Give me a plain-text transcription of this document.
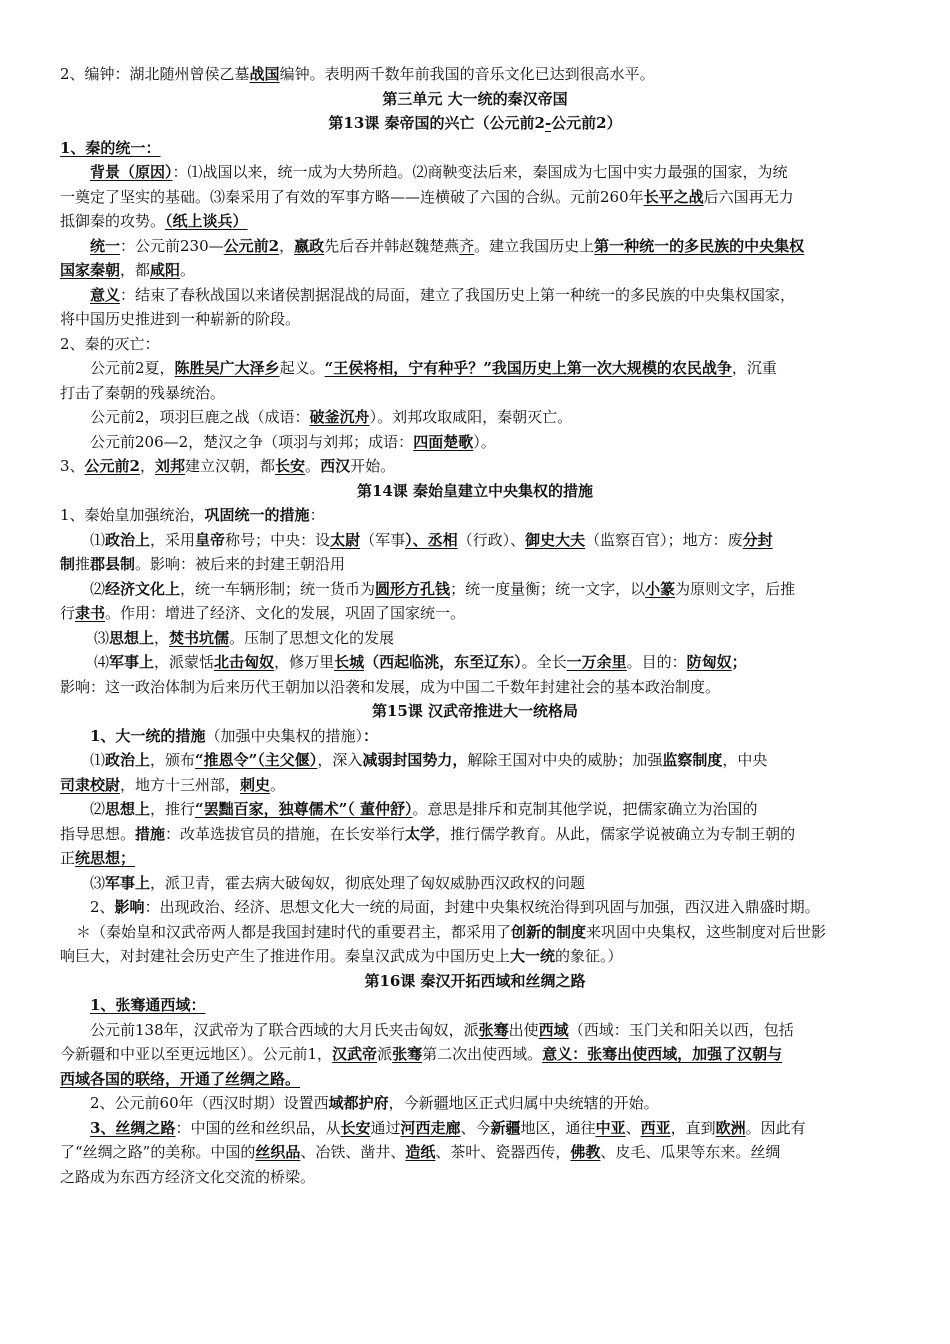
2、编钟：湖北随州曾侯乙墓战国编钟。表明两千数年前我国的音乐文化已达到很高水平。
第三单元 大一统的秦汉帝国
第13课 秦帝国的兴亡（公元前2-公元前2）
1、秦的统一：
背景（原因）：⑴战国以来，统一成为大势所趋。⑵商鞅变法后来，秦国成为七国中实力最强的国家，为统
一奠定了坚实的基础。⑶秦采用了有效的军事方略——连横破了六国的合纵。元前260年长平之战后六国再无力
抵御秦的攻势。（纸上谈兵）
统一：公元前230—公元前2，嬴政先后吞并韩赵魏楚燕齐。建立我国历史上第一种统一的多民族的中央集权
国家秦朝，都咸阳。
意义：结束了春秋战国以来诸侯割据混战的局面，建立了我国历史上第一种统一的多民族的中央集权国家，
将中国历史推进到一种崭新的阶段。
2、秦的灭亡：
公元前2夏，陈胜吴广大泽乡起义。“王侯将相，宁有种乎？”我国历史上第一次大规模的农民战争，沉重
打击了秦朝的残暴统治。
公元前2，项羽巨鹿之战（成语：破釜沉舟）。刘邦攻取咸阳，秦朝灭亡。
公元前206—2，楚汉之争（项羽与刘邦；成语：四面楚歌）。
3、公元前2，刘邦建立汉朝，都长安。西汉开始。
第14课 秦始皇建立中央集权的措施
1、秦始皇加强统治，巩固统一的措施：
⑴政治上，采用皇帝称号；中央：设太尉（军事）、丞相（行政）、御史大夫（监察百官）；地方：废分封
制推郡县制。影响：被后来的封建王朝沿用
⑵经济文化上，统一车辆形制；统一货币为圆形方孔钱；统一度量衡；统一文字，以小篆为原则文字，后推
行隶书。作用：增进了经济、文化的发展，巩固了国家统一。
⑶思想上，焚书坑儒。压制了思想文化的发展
⑷军事上，派蒙恬北击匈奴，修万里长城（西起临洮，东至辽东）。全长一万余里。目的：防匈奴；
影响：这一政治体制为后来历代王朝加以沿袭和发展，成为中国二千数年封建社会的基本政治制度。
第15课 汉武帝推进大一统格局
1、大一统的措施（加强中央集权的措施）：
⑴政治上，颁布“推恩令”（主父偃），深入减弱封国势力，解除王国对中央的威胁；加强监察制度，中央
司隶校尉，地方十三州部，刺史。
⑵思想上，推行“罢黜百家，独尊儒术”（ 董仲舒）。意思是排斥和克制其他学说，把儒家确立为治国的
指导思想。措施：改革选拔官员的措施，在长安举行太学，推行儒学教育。从此，儒家学说被确立为专制王朝的
正统思想；
⑶军事上，派卫青，霍去病大破匈奴，彻底处理了匈奴威胁西汉政权的问题
2、影响：出现政治、经济、思想文化大一统的局面，封建中央集权统治得到巩固与加强，西汉进入鼎盛时期。
＊（秦始皇和汉武帝两人都是我国封建时代的重要君主，都采用了创新的制度来巩固中央集权，这些制度对后世影
响巨大，对封建社会历史产生了推进作用。秦皇汉武成为中国历史上大一统的象征。）
第16课 秦汉开拓西域和丝绸之路
1、张骞通西域：
公元前138年，汉武帝为了联合西域的大月氏夹击匈奴，派张骞出使西域（西域：玉门关和阳关以西，包括
今新疆和中亚以至更远地区）。公元前1，汉武帝派张骞第二次出使西域。意义：张骞出使西域，加强了汉朝与
西域各国的联络，开通了丝绸之路。
2、公元前60年（西汉时期）设置西域都护府，今新疆地区正式归属中央统辖的开始。
3、丝绸之路：中国的丝和丝织品，从长安通过河西走廊、今新疆地区，通往中亚、西亚，直到欧洲。因此有
了“丝绸之路”的美称。中国的丝织品、冶铁、凿井、造纸、茶叶、瓷器西传，佛教、皮毛、瓜果等东来。丝绸
之路成为东西方经济文化交流的桥梁。
